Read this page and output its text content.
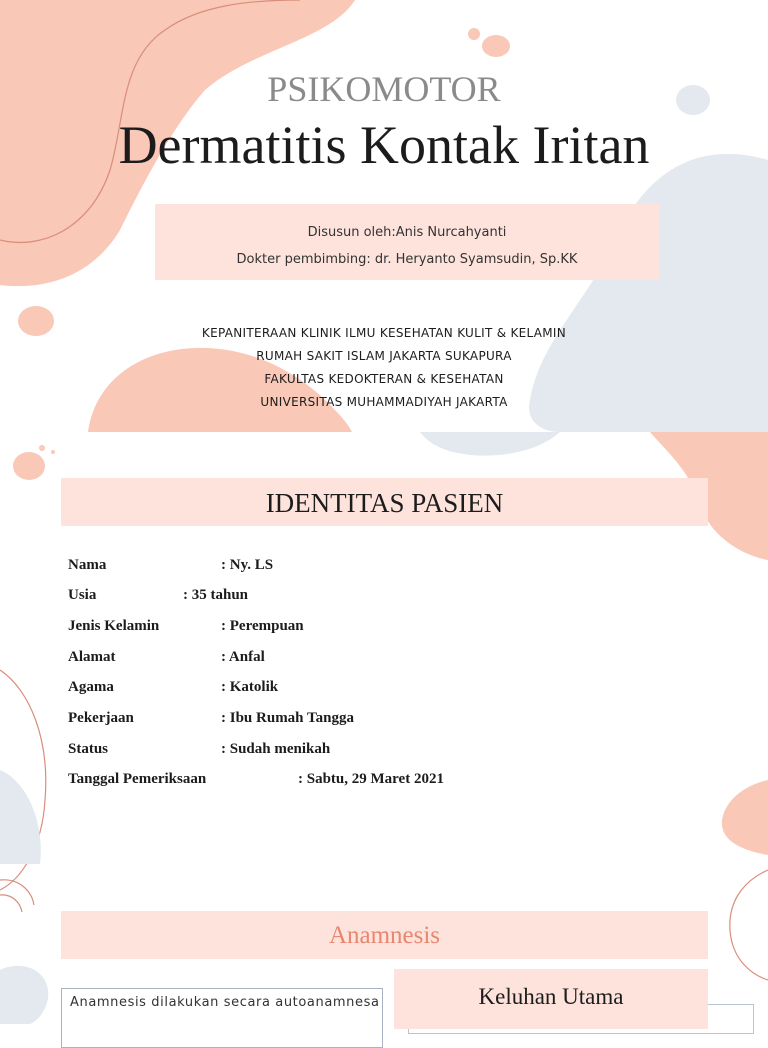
PSIKOMOTOR
Dermatitis Kontak Iritan
Disusun oleh:Anis Nurcahyanti
Dokter pembimbing: dr. Heryanto Syamsudin, Sp.KK
KEPANITERAAN KLINIK ILMU KESEHATAN KULIT & KELAMIN
RUMAH SAKIT ISLAM JAKARTA SUKAPURA
FAKULTAS KEDOKTERAN & KESEHATAN
UNIVERSITAS MUHAMMADIYAH JAKARTA
IDENTITAS PASIEN
Nama	: Ny. LS
Usia	: 35 tahun
Jenis Kelamin	: Perempuan
Alamat	: Anfal
Agama	: Katolik
Pekerjaan	: Ibu Rumah Tangga
Status	: Sudah menikah
Tanggal Pemeriksaan	: Sabtu, 29 Maret 2021
Anamnesis
Keluhan Utama
Anamnesis dilakukan secara autoanamnesa
